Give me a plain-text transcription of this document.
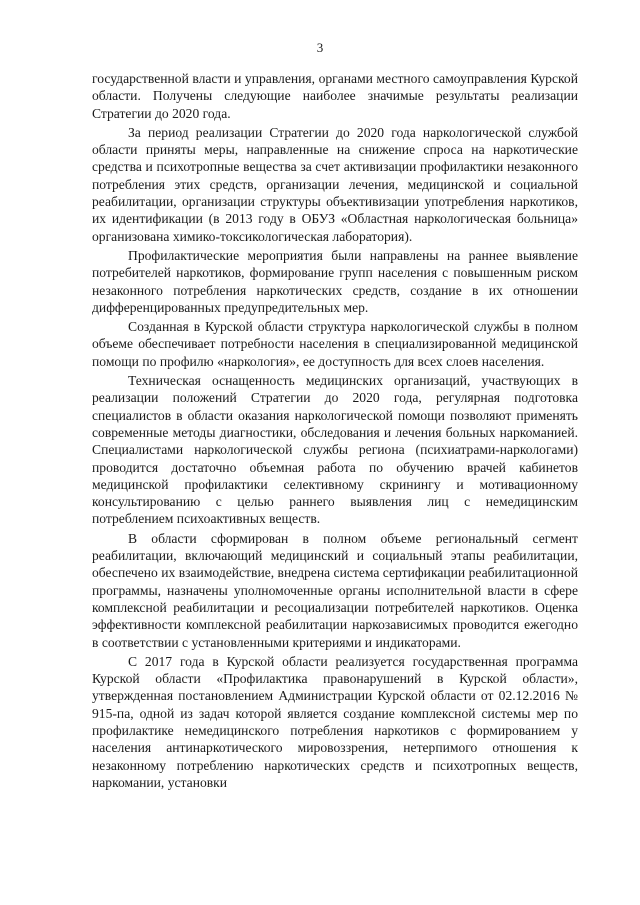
3

государственной власти и управления, органами местного самоуправления Курской области. Получены следующие наиболее значимые результаты реализации Стратегии до 2020 года.

За период реализации Стратегии до 2020 года наркологической службой области приняты меры, направленные на снижение спроса на наркотические средства и психотропные вещества за счет активизации профилактики незаконного потребления этих средств, организации лечения, медицинской и социальной реабилитации, организации структуры объективизации употребления наркотиков, их идентификации (в 2013 году в ОБУЗ «Областная наркологическая больница» организована химико-токсикологическая лаборатория).

Профилактические мероприятия были направлены на раннее выявление потребителей наркотиков, формирование групп населения с повышенным риском незаконного потребления наркотических средств, создание в их отношении дифференцированных предупредительных мер.

Созданная в Курской области структура наркологической службы в полном объеме обеспечивает потребности населения в специализированной медицинской помощи по профилю «наркология», ее доступность для всех слоев населения.

Техническая оснащенность медицинских организаций, участвующих в реализации положений Стратегии до 2020 года, регулярная подготовка специалистов в области оказания наркологической помощи позволяют применять современные методы диагностики, обследования и лечения больных наркоманией. Специалистами наркологической службы региона (психиатрами-наркологами) проводится достаточно объемная работа по обучению врачей кабинетов медицинской профилактики селективному скринингу и мотивационному консультированию с целью раннего выявления лиц с немедицинским потреблением психоактивных веществ.

В области сформирован в полном объеме региональный сегмент реабилитации, включающий медицинский и социальный этапы реабилитации, обеспечено их взаимодействие, внедрена система сертификации реабилитационной программы, назначены уполномоченные органы исполнительной власти в сфере комплексной реабилитации и ресоциализации потребителей наркотиков. Оценка эффективности комплексной реабилитации наркозависимых проводится ежегодно в соответствии с установленными критериями и индикаторами.

С 2017 года в Курской области реализуется государственная программа Курской области «Профилактика правонарушений в Курской области», утвержденная постановлением Администрации Курской области от 02.12.2016 № 915-па, одной из задач которой является создание комплексной системы мер по профилактике немедицинского потребления наркотиков с формированием у населения антинаркотического мировоззрения, нетерпимого отношения к незаконному потреблению наркотических средств и психотропных веществ, наркомании, установки
